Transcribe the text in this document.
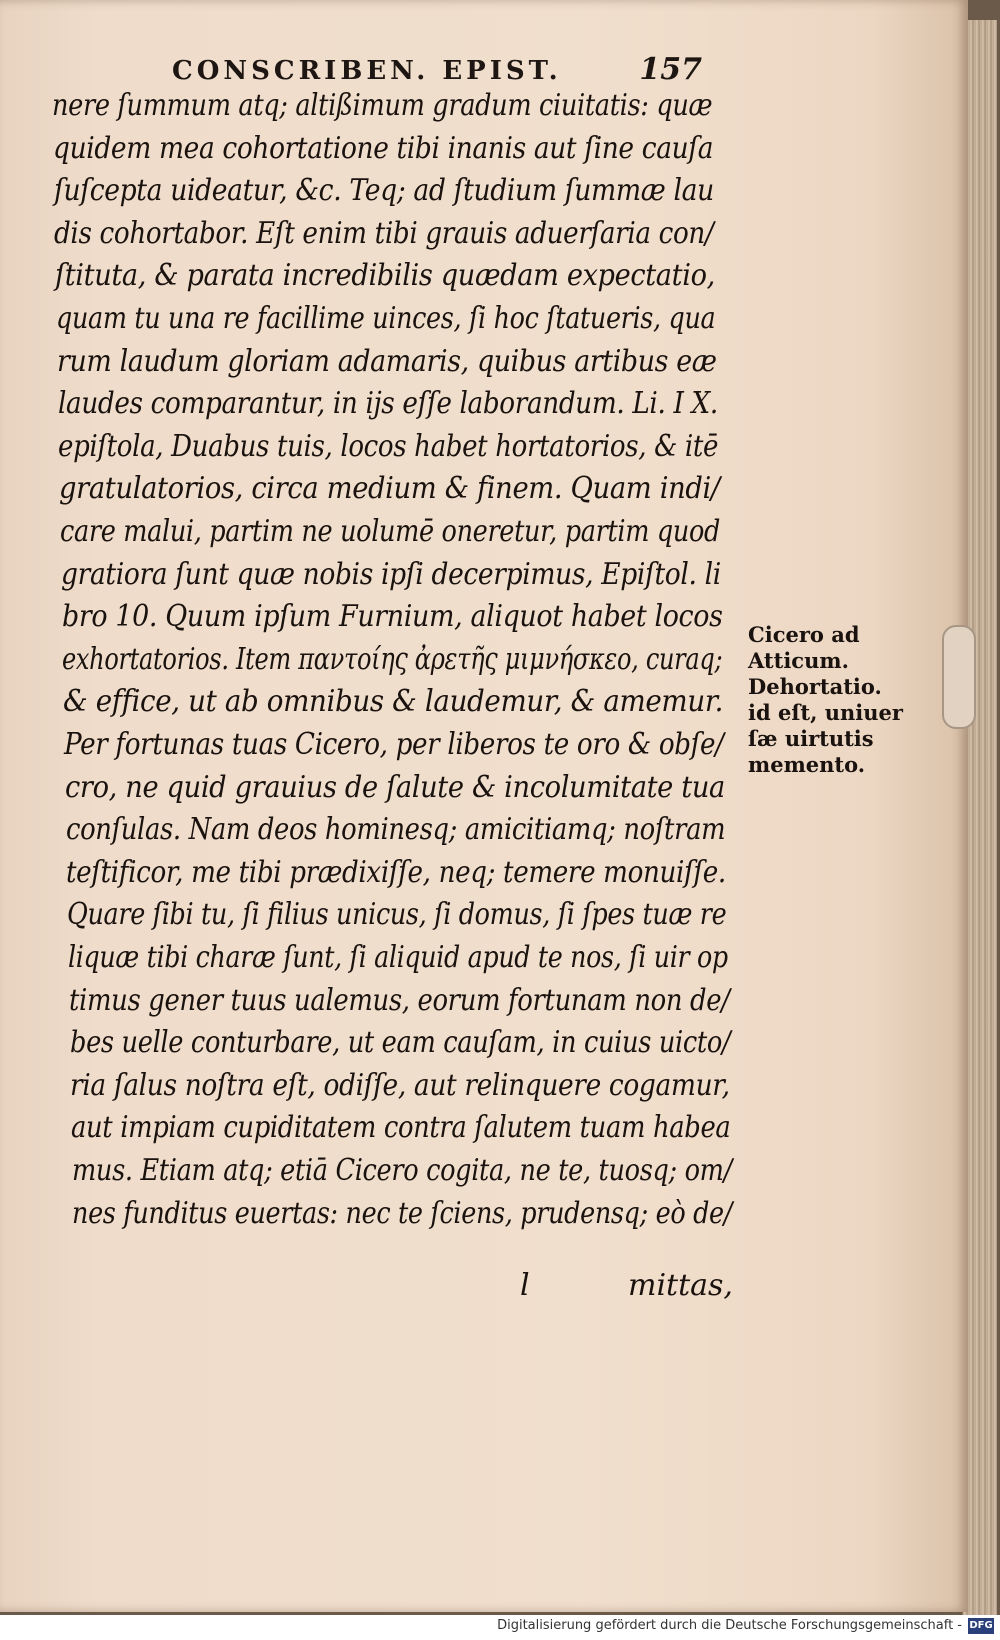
CONSCRIBEN. EPIST.	157
nere ſummum atq; altißimum gradum ciuitatis: quæ
quidem mea cohortatione tibi inanis aut ſine cauſa
ſuſcepta uideatur, &c. Teq; ad ſtudium ſummæ lau
dis cohortabor. Eſt enim tibi grauis aduerſaria con/
ſtituta, & parata incredibilis quædam expectatio,
quam tu una re facillime uinces, ſi hoc ſtatueris, qua
rum laudum gloriam adamaris, quibus artibus eæ
laudes comparantur, in ijs eſſe laborandum. Li. I X.
epiſtola, Duabus tuis, locos habet hortatorios, & itē
gratulatorios, circa medium & finem. Quam indi/
care malui, partim ne uolumē oneretur, partim quod
gratiora ſunt quæ nobis ipſi decerpimus, Epiſtol. li
bro 10. Quum ipſum Furnium, aliquot habet locos
exhortatorios. Item παντοίης ἀρετῆς μιμνήσκεο, curaq;
& effice, ut ab omnibus & laudemur, & amemur.
Per fortunas tuas Cicero, per liberos te oro & obſe/
cro, ne quid grauius de ſalute & incolumitate tua
conſulas. Nam deos hominesq; amicitiamq; noſtram
teſtificor, me tibi prædixiſſe, neq; temere monuiſſe.
Quare ſibi tu, ſi filius unicus, ſi domus, ſi ſpes tuæ re
liquæ tibi charæ ſunt, ſi aliquid apud te nos, ſi uir op
timus gener tuus ualemus, eorum fortunam non de/
bes uelle conturbare, ut eam cauſam, in cuius uicto/
ria ſalus noſtra eſt, odiſſe, aut relinquere cogamur,
aut impiam cupiditatem contra ſalutem tuam habea
mus. Etiam atq; etiā Cicero cogita, ne te, tuosq; om/
nes funditus euertas: nec te ſciens, prudensq; eò de/
Cicero ad
Atticum.
Dehortatio.
id eſt, uniuer
ſæ uirtutis
memento.
l	mittas,
Digitalisierung gefördert durch die Deutsche Forschungsgemeinschaft - DFG
